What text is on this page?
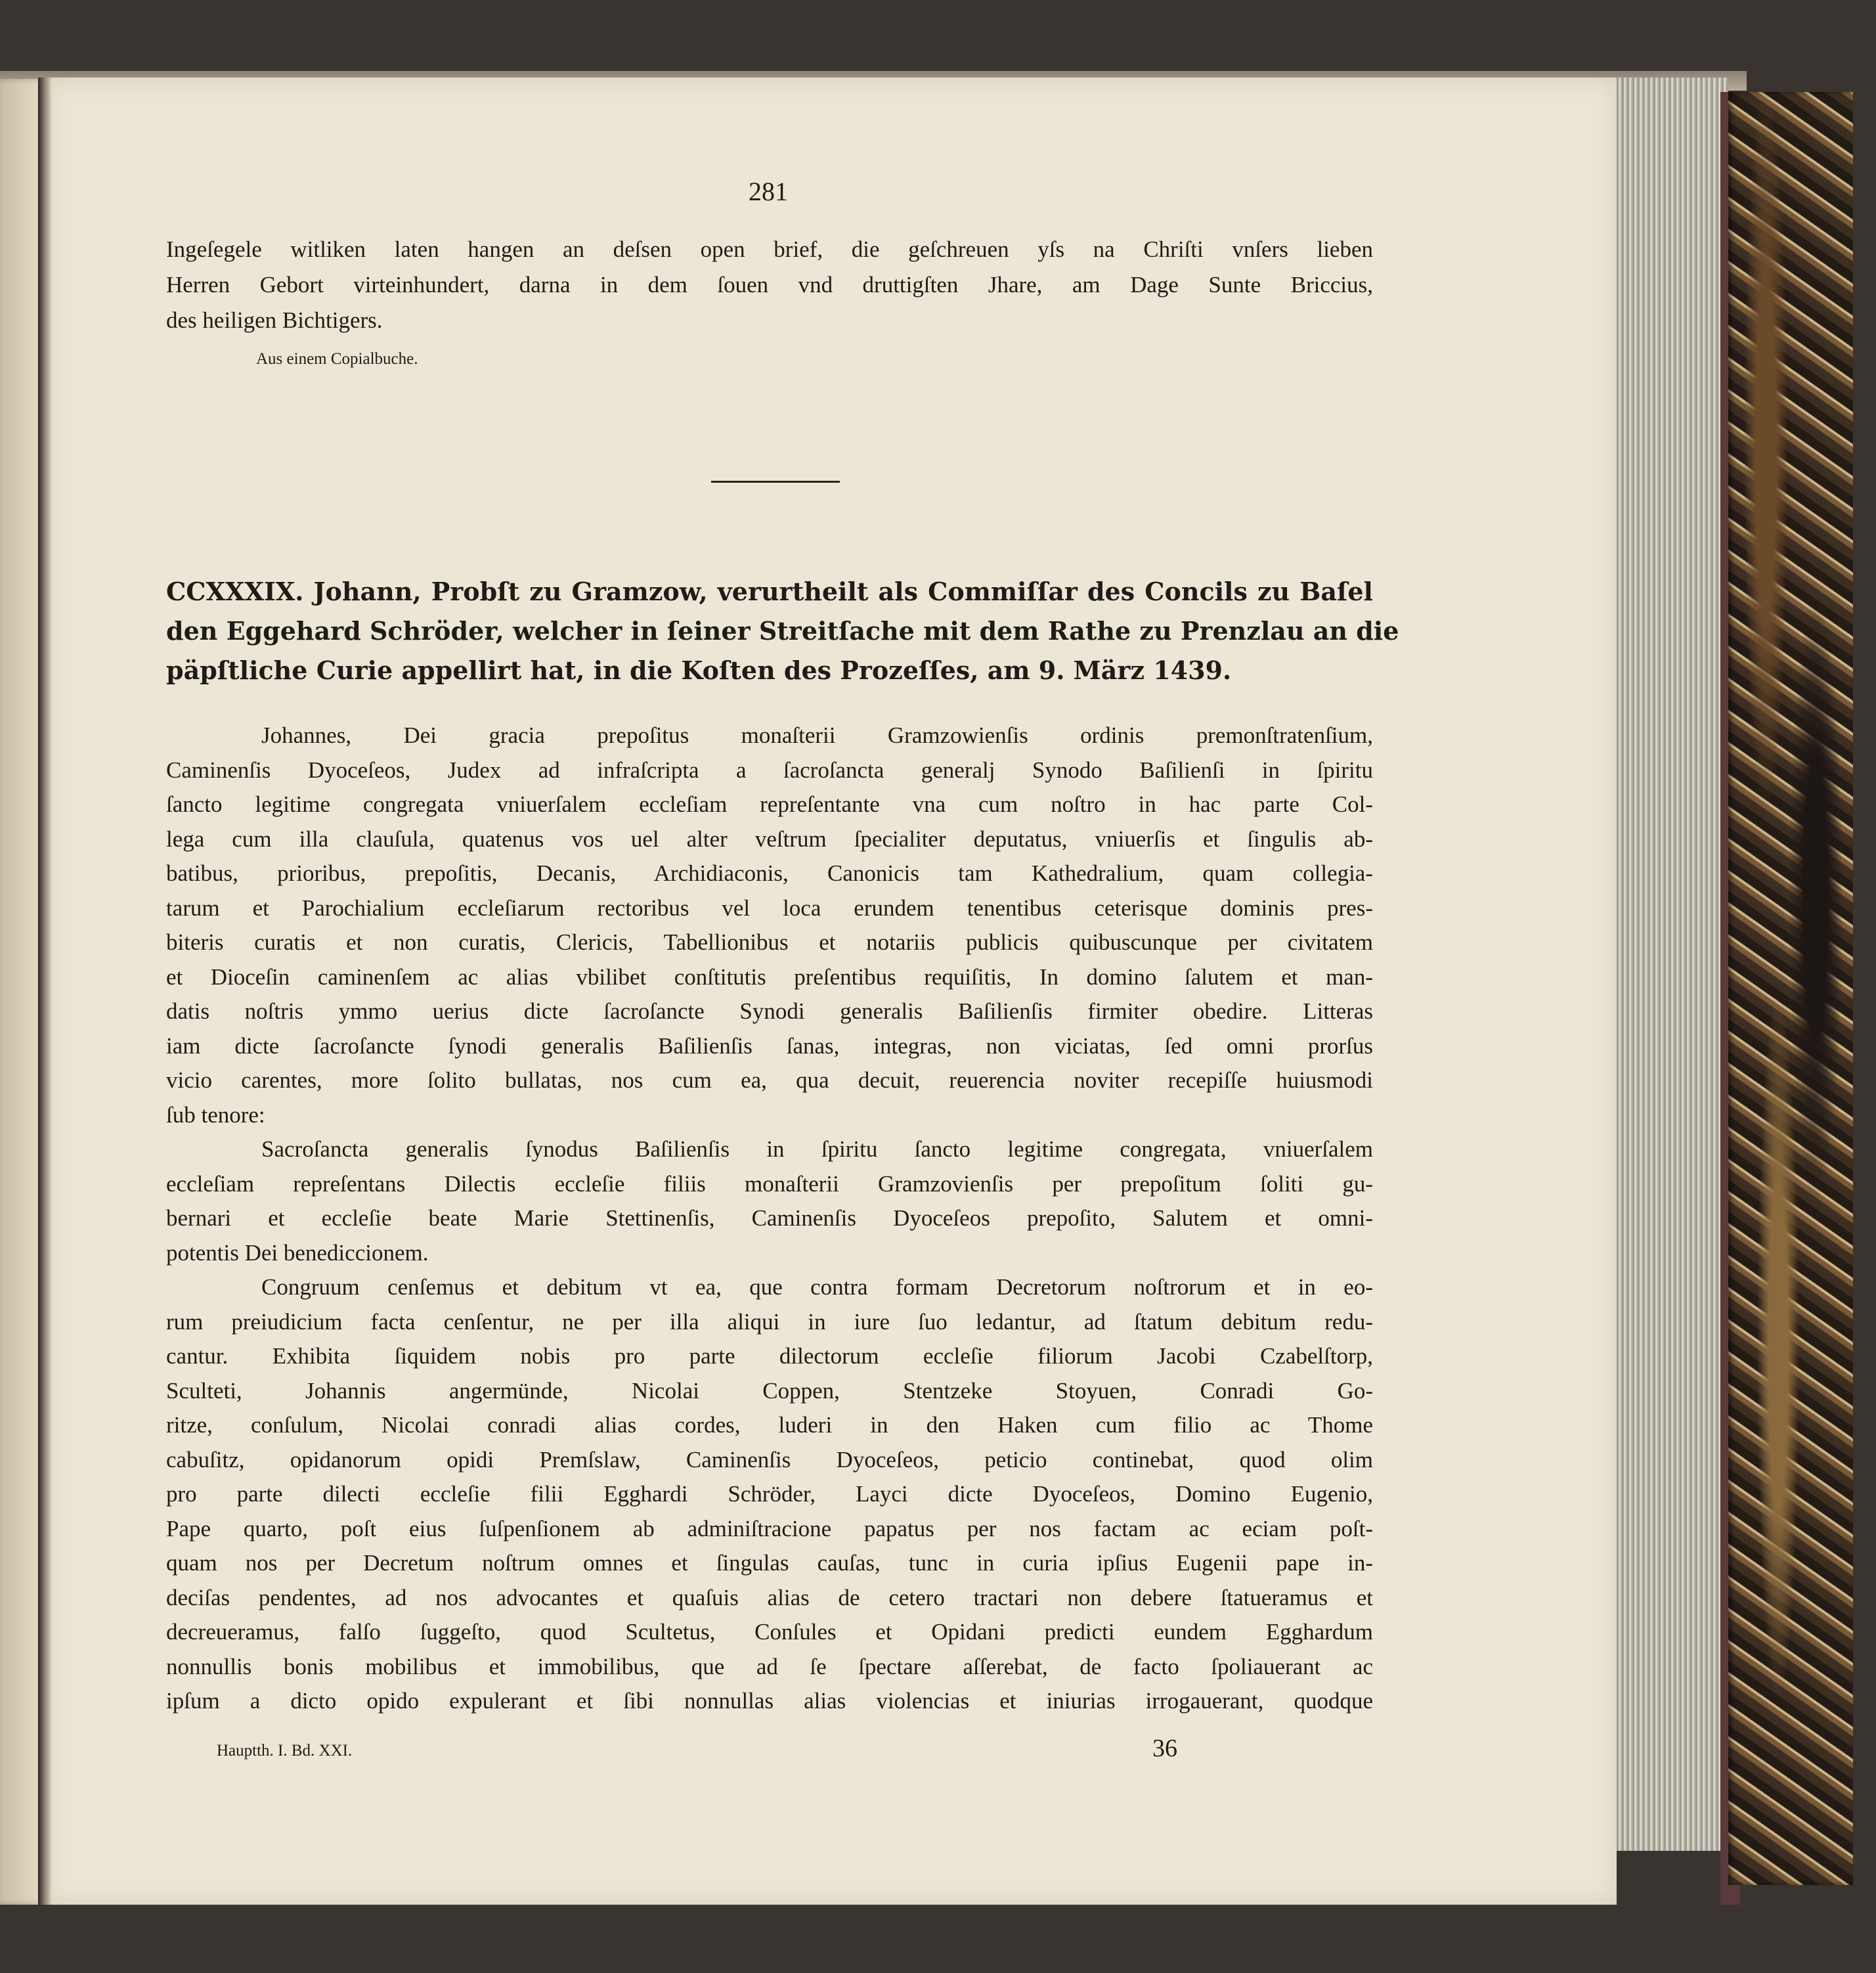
281
Ingeſegele witliken laten hangen an deſsen open brief, die geſchreuen yſs na Chriſti vnſers lieben
Herren Gebort virteinhundert, darna in dem ſouen vnd druttigſten Jhare, am Dage Sunte Briccius,
des heiligen Bichtigers.
Aus einem Copialbuche.
CCXXXIX. Johann, Probſt zu Gramzow, verurtheilt als Commiſſar des Concils zu Baſel
den Eggehard Schröder, welcher in ſeiner Streitſache mit dem Rathe zu Prenzlau an die
päpſtliche Curie appellirt hat, in die Koſten des Prozeſſes, am 9. März 1439.
Johannes, Dei gracia prepoſitus monaſterii Gramzowienſis ordinis premonſtratenſium,
Caminenſis Dyoceſeos, Judex ad infraſcripta a ſacroſancta generalj Synodo Baſilienſi in ſpiritu
ſancto legitime congregata vniuerſalem eccleſiam repreſentante vna cum noſtro in hac parte Col-
lega cum illa clauſula, quatenus vos uel alter veſtrum ſpecialiter deputatus, vniuerſis et ſingulis ab-
batibus, prioribus, prepoſitis, Decanis, Archidiaconis, Canonicis tam Kathedralium, quam collegia-
tarum et Parochialium eccleſiarum rectoribus vel loca erundem tenentibus ceterisque dominis pres-
biteris curatis et non curatis, Clericis, Tabellionibus et notariis publicis quibuscunque per civitatem
et Dioceſin caminenſem ac alias vbilibet conſtitutis preſentibus requiſitis, In domino ſalutem et man-
datis noſtris ymmo uerius dicte ſacroſancte Synodi generalis Baſilienſis firmiter obedire. Litteras
iam dicte ſacroſancte ſynodi generalis Baſilienſis ſanas, integras, non viciatas, ſed omni prorſus
vicio carentes, more ſolito bullatas, nos cum ea, qua decuit, reuerencia noviter recepiſſe huiusmodi
ſub tenore:
Sacroſancta generalis ſynodus Baſilienſis in ſpiritu ſancto legitime congregata, vniuerſalem
eccleſiam repreſentans Dilectis eccleſie filiis monaſterii Gramzovienſis per prepoſitum ſoliti gu-
bernari et eccleſie beate Marie Stettinenſis, Caminenſis Dyoceſeos prepoſito, Salutem et omni-
potentis Dei benediccionem.
Congruum cenſemus et debitum vt ea, que contra formam Decretorum noſtrorum et in eo-
rum preiudicium facta cenſentur, ne per illa aliqui in iure ſuo ledantur, ad ſtatum debitum redu-
cantur. Exhibita ſiquidem nobis pro parte dilectorum eccleſie filiorum Jacobi Czabelſtorp,
Sculteti, Johannis angermünde, Nicolai Coppen, Stentzeke Stoyuen, Conradi Go-
ritze, conſulum, Nicolai conradi alias cordes, luderi in den Haken cum filio ac Thome
cabuſitz, opidanorum opidi Premſslaw, Caminenſis Dyoceſeos, peticio continebat, quod olim
pro parte dilecti eccleſie filii Egghardi Schröder, Layci dicte Dyoceſeos, Domino Eugenio,
Pape quarto, poſt eius ſuſpenſionem ab adminiſtracione papatus per nos factam ac eciam poſt-
quam nos per Decretum noſtrum omnes et ſingulas cauſas, tunc in curia ipſius Eugenii pape in-
deciſas pendentes, ad nos advocantes et quaſuis alias de cetero tractari non debere ſtatueramus et
decreueramus, falſo ſuggeſto, quod Scultetus, Conſules et Opidani predicti eundem Egghardum
nonnullis bonis mobilibus et immobilibus, que ad ſe ſpectare aſſerebat, de facto ſpoliauerant ac
ipſum a dicto opido expulerant et ſibi nonnullas alias violencias et iniurias irrogauerant, quodque
Hauptth. I. Bd. XXI.	36
